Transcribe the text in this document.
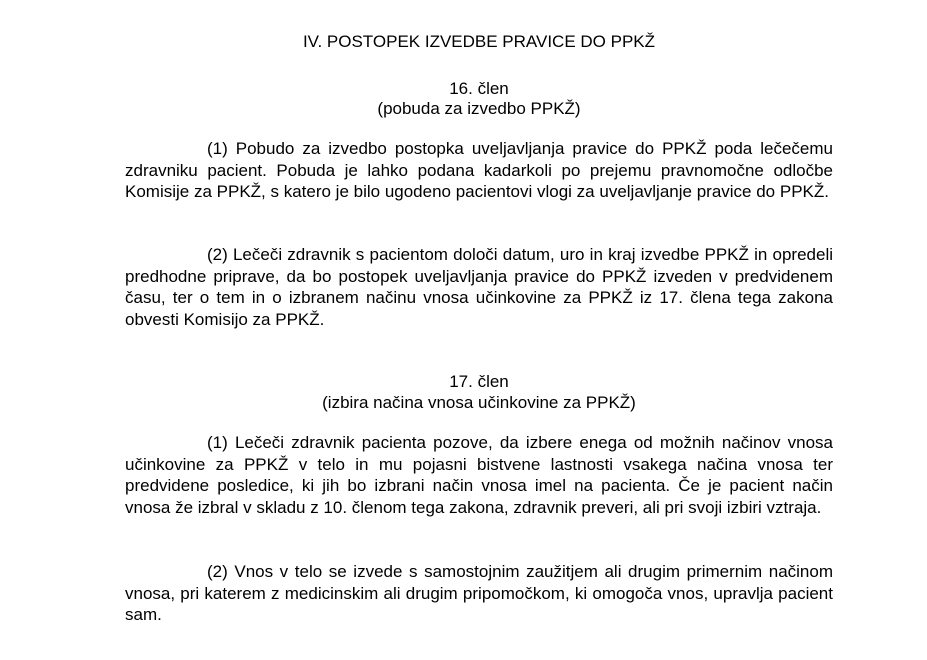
IV. POSTOPEK IZVEDBE PRAVICE DO PPKŽ
16. člen
(pobuda za izvedbo PPKŽ)

(1) Pobudo za izvedbo postopka uveljavljanja pravice do PPKŽ poda lečečemu zdravniku pacient. Pobuda je lahko podana kadarkoli po prejemu pravnomočne odločbe Komisije za PPKŽ, s katero je bilo ugodeno pacientovi vlogi za uveljavljanje pravice do PPKŽ.

(2) Lečeči zdravnik s pacientom določi datum, uro in kraj izvedbe PPKŽ in opredeli predhodne priprave, da bo postopek uveljavljanja pravice do PPKŽ izveden v predvidenem času, ter o tem in o izbranem načinu vnosa učinkovine za PPKŽ iz 17. člena tega zakona obvesti Komisijo za PPKŽ.

17. člen
(izbira načina vnosa učinkovine za PPKŽ)

(1) Lečeči zdravnik pacienta pozove, da izbere enega od možnih načinov vnosa učinkovine za PPKŽ v telo in mu pojasni bistvene lastnosti vsakega načina vnosa ter predvidene posledice, ki jih bo izbrani način vnosa imel na pacienta. Če je pacient način vnosa že izbral v skladu z 10. členom tega zakona, zdravnik preveri, ali pri svoji izbiri vztraja.

(2) Vnos v telo se izvede s samostojnim zaužitjem ali drugim primernim načinom vnosa, pri katerem z medicinskim ali drugim pripomočkom, ki omogoča vnos, upravlja pacient sam.
